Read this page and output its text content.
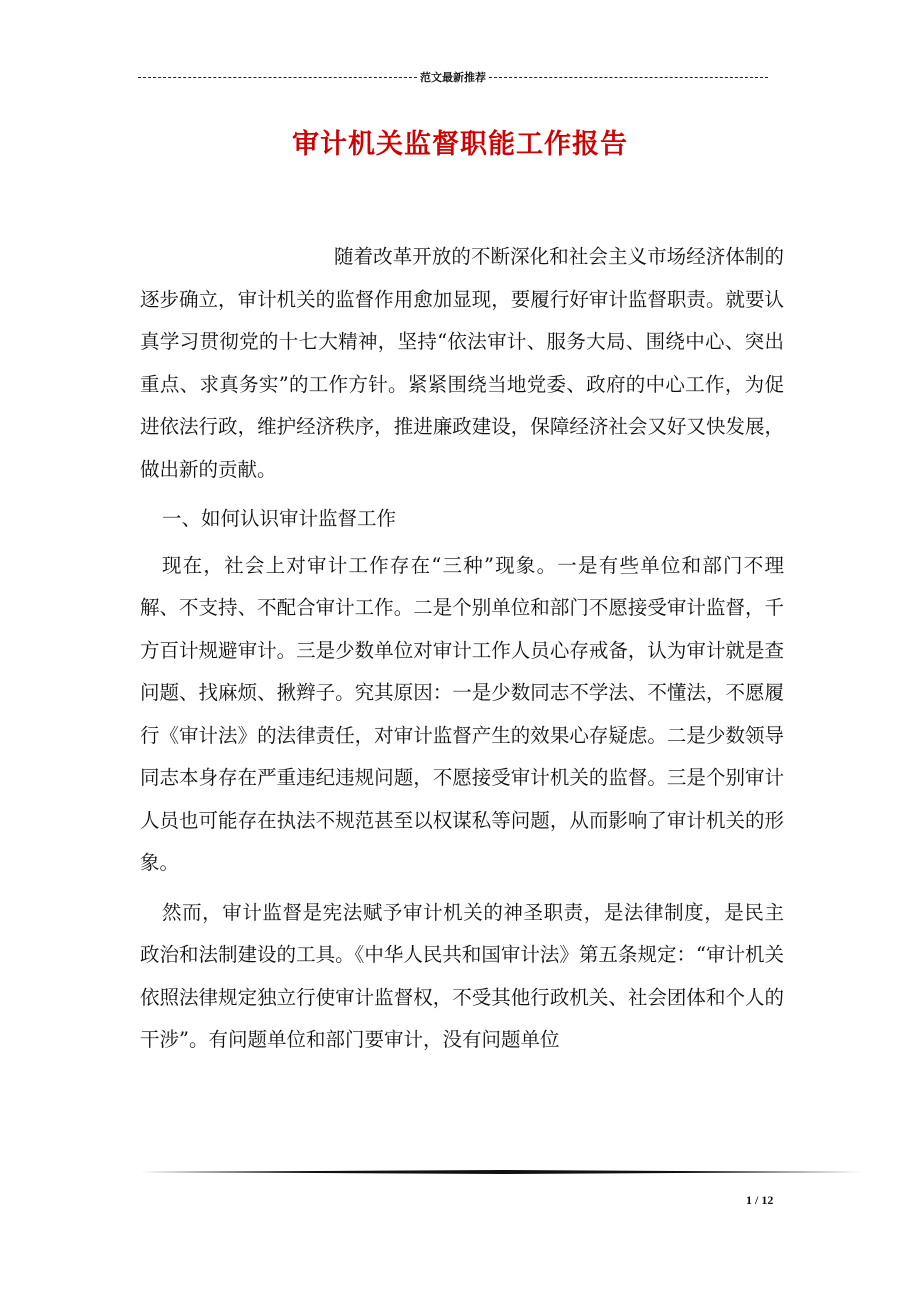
范文最新推荐
审计机关监督职能工作报告

随着改革开放的不断深化和社会主义市场经济体制的逐步确立，审计机关的监督作用愈加显现，要履行好审计监督职责。就要认真学习贯彻党的十七大精神，坚持“依法审计、服务大局、围绕中心、突出重点、求真务实”的工作方针。紧紧围绕当地党委、政府的中心工作，为促进依法行政，维护经济秩序，推进廉政建设，保障经济社会又好又快发展，做出新的贡献。

一、如何认识审计监督工作

现在，社会上对审计工作存在“三种”现象。一是有些单位和部门不理解、不支持、不配合审计工作。二是个别单位和部门不愿接受审计监督，千方百计规避审计。三是少数单位对审计工作人员心存戒备，认为审计就是查问题、找麻烦、揪辫子。究其原因：一是少数同志不学法、不懂法，不愿履行《审计法》的法律责任，对审计监督产生的效果心存疑虑。二是少数领导同志本身存在严重违纪违规问题，不愿接受审计机关的监督。三是个别审计人员也可能存在执法不规范甚至以权谋私等问题，从而影响了审计机关的形象。

然而，审计监督是宪法赋予审计机关的神圣职责，是法律制度，是民主政治和法制建设的工具。《中华人民共和国审计法》第五条规定：“审计机关依照法律规定独立行使审计监督权，不受其他行政机关、社会团体和个人的干涉”。有问题单位和部门要审计，没有问题单位

1 / 12
